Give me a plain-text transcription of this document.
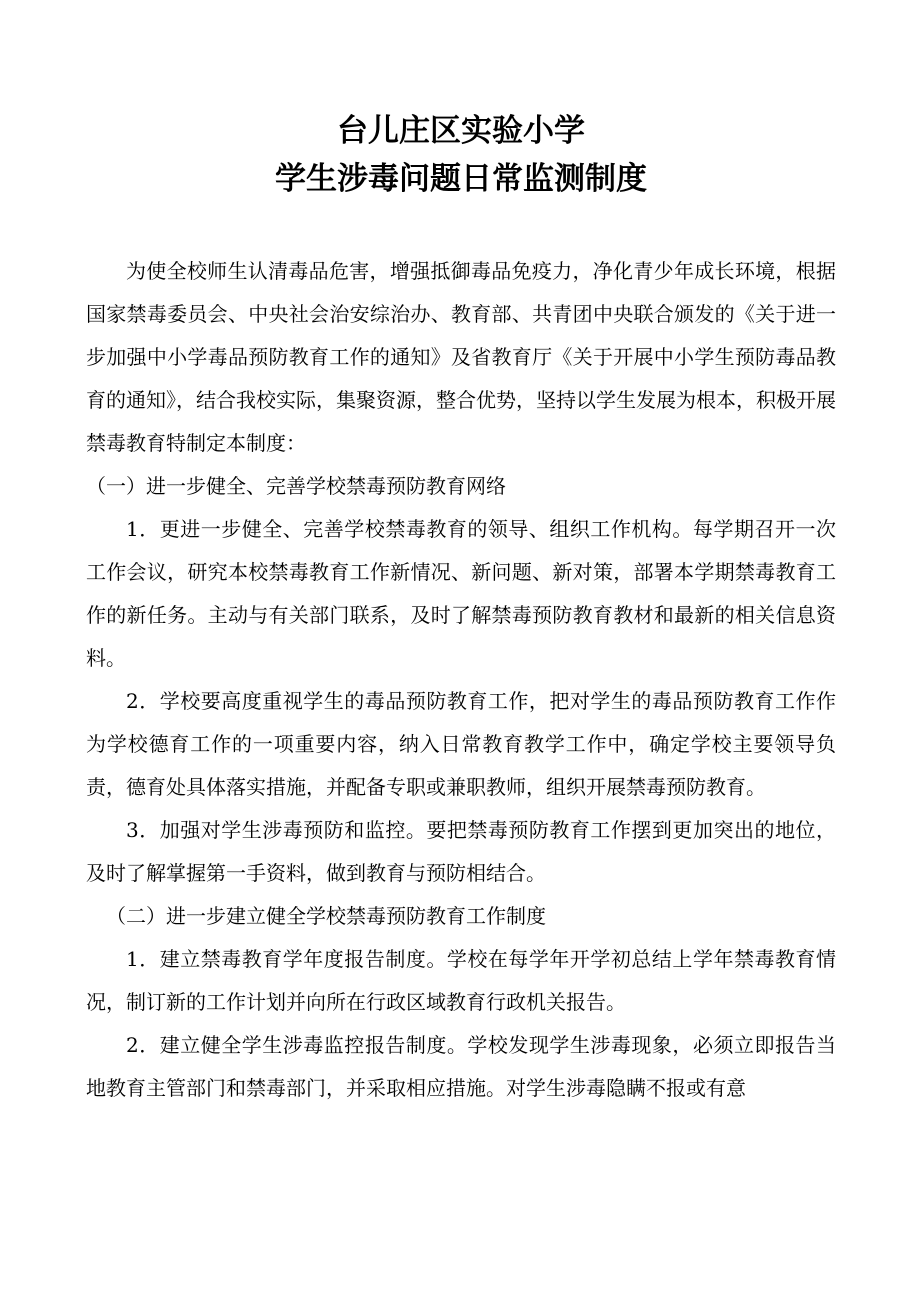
台儿庄区实验小学
学生涉毒问题日常监测制度

为使全校师生认清毒品危害，增强抵御毒品免疫力，净化青少年成长环境，根据国家禁毒委员会、中央社会治安综治办、教育部、共青团中央联合颁发的《关于进一步加强中小学毒品预防教育工作的通知》及省教育厅《关于开展中小学生预防毒品教育的通知》，结合我校实际，集聚资源，整合优势，坚持以学生发展为根本，积极开展禁毒教育特制定本制度：

（一）进一步健全、完善学校禁毒预防教育网络

1．更进一步健全、完善学校禁毒教育的领导、组织工作机构。每学期召开一次工作会议，研究本校禁毒教育工作新情况、新问题、新对策，部署本学期禁毒教育工作的新任务。主动与有关部门联系，及时了解禁毒预防教育教材和最新的相关信息资料。

2．学校要高度重视学生的毒品预防教育工作，把对学生的毒品预防教育工作作为学校德育工作的一项重要内容，纳入日常教育教学工作中，确定学校主要领导负责，德育处具体落实措施，并配备专职或兼职教师，组织开展禁毒预防教育。

3．加强对学生涉毒预防和监控。要把禁毒预防教育工作摆到更加突出的地位，及时了解掌握第一手资料，做到教育与预防相结合。

（二）进一步建立健全学校禁毒预防教育工作制度

1．建立禁毒教育学年度报告制度。学校在每学年开学初总结上学年禁毒教育情况，制订新的工作计划并向所在行政区域教育行政机关报告。

2．建立健全学生涉毒监控报告制度。学校发现学生涉毒现象，必须立即报告当地教育主管部门和禁毒部门，并采取相应措施。对学生涉毒隐瞒不报或有意
